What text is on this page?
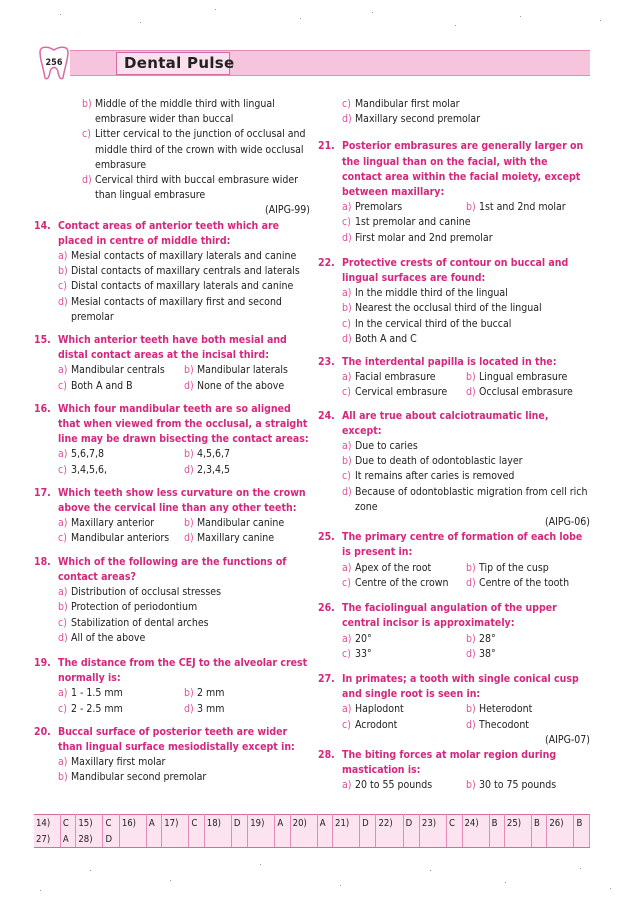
Dental Pulse
256
b) Middle of the middle third with lingual embrasure wider than buccal
c) Litter cervical to the junction of occlusal and middle third of the crown with wide occlusal embrasure
d) Cervical third with buccal embrasure wider than lingual embrasure
(AIPG-99)
14. Contact areas of anterior teeth which are placed in centre of middle third:
a) Mesial contacts of maxillary laterals and canine
b) Distal contacts of maxillary centrals and laterals
c) Distal contacts of maxillary laterals and canine
d) Mesial contacts of maxillary first and second premolar
15. Which anterior teeth have both mesial and distal contact areas at the incisal third:
a) Mandibular centrals	b) Mandibular laterals
c) Both A and B	d) None of the above
16. Which four mandibular teeth are so aligned that when viewed from the occlusal, a straight line may be drawn bisecting the contact areas:
a) 5,6,7,8	b) 4,5,6,7
c) 3,4,5,6,	d) 2,3,4,5
17. Which teeth show less curvature on the crown above the cervical line than any other teeth:
a) Maxillary anterior	b) Mandibular canine
c) Mandibular anteriors	d) Maxillary canine
18. Which of the following are the functions of contact areas?
a) Distribution of occlusal stresses
b) Protection of periodontium
c) Stabilization of dental arches
d) All of the above
19. The distance from the CEJ to the alveolar crest normally is:
a) 1 - 1.5 mm	b) 2 mm
c) 2 - 2.5 mm	d) 3 mm
20. Buccal surface of posterior teeth are wider than lingual surface mesiodistally except in:
a) Maxillary first molar
b) Mandibular second premolar
c) Mandibular first molar
d) Maxillary second premolar
21. Posterior embrasures are generally larger on the lingual than on the facial, with the contact area within the facial moiety, except between maxillary:
a) Premolars	b) 1st and 2nd molar
c) 1st premolar and canine
d) First molar and 2nd premolar
22. Protective crests of contour on buccal and lingual surfaces are found:
a) In the middle third of the lingual
b) Nearest the occlusal third of the lingual
c) In the cervical third of the buccal
d) Both A and C
23. The interdental papilla is located in the:
a) Facial embrasure	b) Lingual embrasure
c) Cervical embrasure	d) Occlusal embrasure
24. All are true about calciotraumatic line, except:
a) Due to caries
b) Due to death of odontoblastic layer
c) It remains after caries is removed
d) Because of odontoblastic migration from cell rich zone
(AIPG-06)
25. The primary centre of formation of each lobe is present in:
a) Apex of the root	b) Tip of the cusp
c) Centre of the crown	d) Centre of the tooth
26. The faciolingual angulation of the upper central incisor is approximately:
a) 20°	b) 28°
c) 33°	d) 38°
27. In primates; a tooth with single conical cusp and single root is seen in:
a) Haplodont	b) Heterodont
c) Acrodont	d) Thecodont
(AIPG-07)
28. The biting forces at molar region during mastication is:
a) 20 to 55 pounds	b) 30 to 75 pounds
14)	C	15)	C	16)	A	17)	C	18)	D	19)	A	20)	A	21)	D	22)	D	23)	C	24)	B	25)	B	26)	B
27)	A	28)	D																						
